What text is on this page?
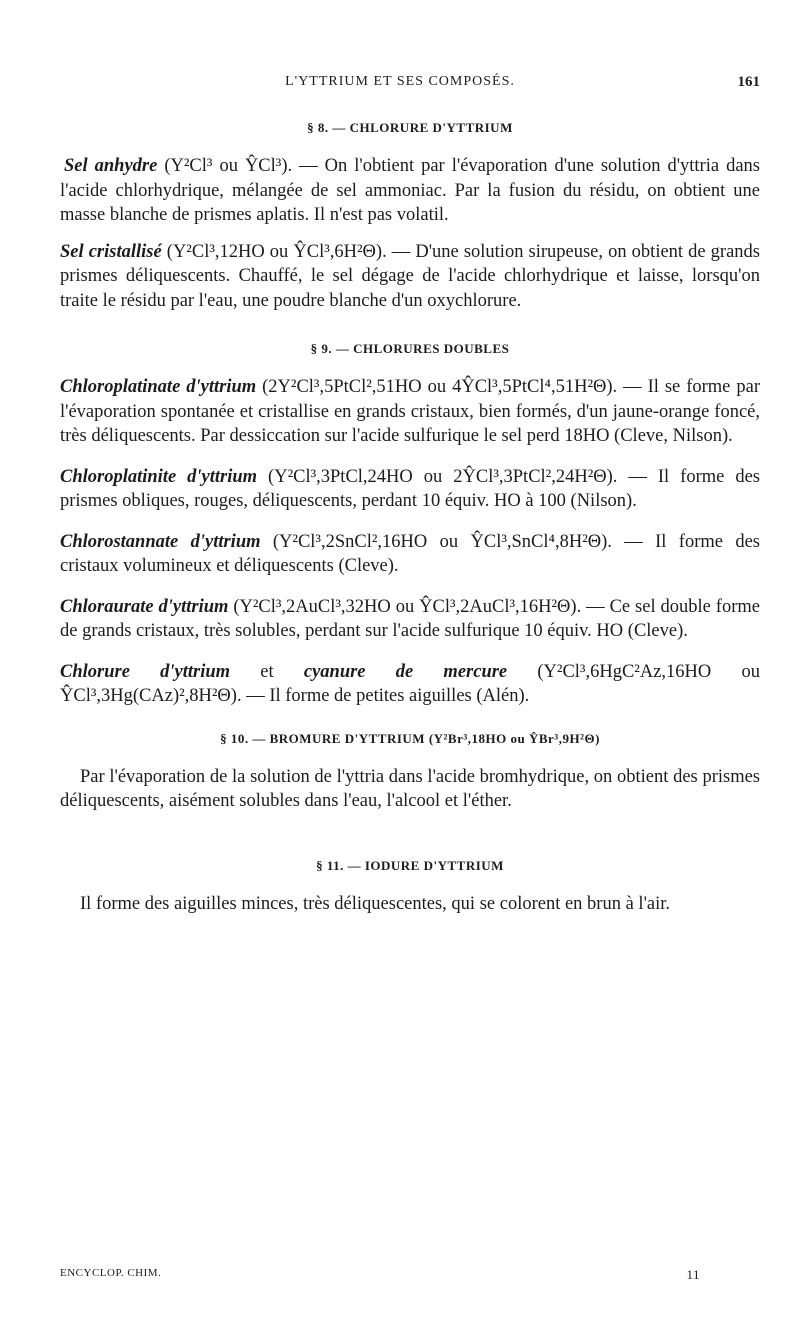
L'YTTRIUM ET SES COMPOSÉS.	161
§ 8. — CHLORURE D'YTTRIUM

Sel anhydre (Y²Cl³ ou ŶCl³). — On l'obtient par l'évaporation d'une solution d'yttria dans l'acide chlorhydrique, mélangée de sel ammoniac. Par la fusion du résidu, on obtient une masse blanche de prismes aplatis. Il n'est pas volatil.

Sel cristallisé (Y²Cl³,12HO ou ŶCl³,6H²Θ). — D'une solution sirupeuse, on obtient de grands prismes déliquescents. Chauffé, le sel dégage de l'acide chlorhydrique et laisse, lorsqu'on traite le résidu par l'eau, une poudre blanche d'un oxychlorure.

§ 9. — CHLORURES DOUBLES

Chloroplatinate d'yttrium (2Y²Cl³,5PtCl²,51HO ou 4ŶCl³,5PtCl⁴,51H²Θ). — Il se forme par l'évaporation spontanée et cristallise en grands cristaux, bien formés, d'un jaune-orange foncé, très déliquescents. Par dessiccation sur l'acide sulfurique le sel perd 18HO (Cleve, Nilson).

Chloroplatinite d'yttrium (Y²Cl³,3PtCl,24HO ou 2ŶCl³,3PtCl²,24H²Θ). — Il forme des prismes obliques, rouges, déliquescents, perdant 10 équiv. HO à 100 (Nilson).

Chlorostannate d'yttrium (Y²Cl³,2SnCl²,16HO ou ŶCl³,SnCl⁴,8H²Θ). — Il forme des cristaux volumineux et déliquescents (Cleve).

Chloraurate d'yttrium (Y²Cl³,2AuCl³,32HO ou ŶCl³,2AuCl³,16H²Θ). — Ce sel double forme de grands cristaux, très solubles, perdant sur l'acide sulfurique 10 équiv. HO (Cleve).

Chlorure d'yttrium et cyanure de mercure (Y²Cl³,6HgC²Az,16HO ou ŶCl³,3Hg(CAz)²,8H²Θ). — Il forme de petites aiguilles (Alén).

§ 10. — BROMURE D'YTTRIUM (Y²Br³,18HO ou ŶBr³,9H²Θ)

Par l'évaporation de la solution de l'yttria dans l'acide bromhydrique, on obtient des prismes déliquescents, aisément solubles dans l'eau, l'alcool et l'éther.

§ 11. — IODURE D'YTTRIUM

Il forme des aiguilles minces, très déliquescentes, qui se colorent en brun à l'air.

ENCYCLOP. CHIM.	11
